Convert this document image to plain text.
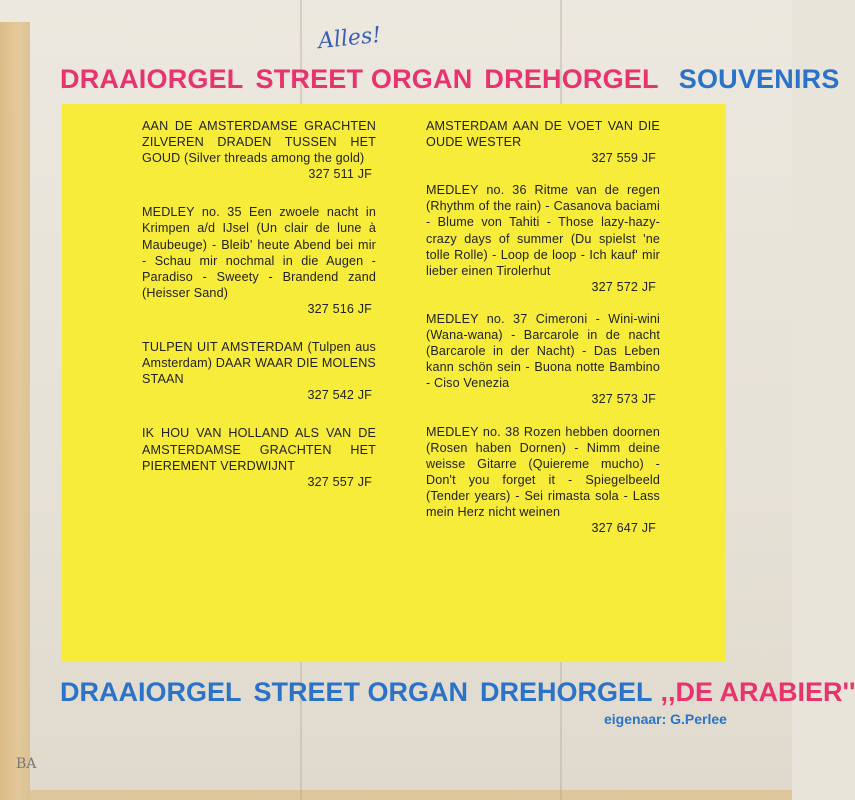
Alles!
BA
DRAAIORGEL STREET ORGAN DREHORGEL SOUVENIRS
AAN DE AMSTERDAMSE GRACHTEN ZILVEREN DRADEN TUSSEN HET GOUD (Silver threads among the gold)
327 511 JF
MEDLEY no. 35 Een zwoele nacht in Krimpen a/d IJsel (Un clair de lune à Maubeuge) - Bleib' heute Abend bei mir - Schau mir nochmal in die Augen - Paradiso - Sweety - Brandend zand (Heisser Sand)
327 516 JF
TULPEN UIT AMSTERDAM (Tulpen aus Amsterdam) DAAR WAAR DIE MOLENS STAAN
327 542 JF
IK HOU VAN HOLLAND ALS VAN DE AMSTERDAMSE GRACHTEN HET PIEREMENT VERDWIJNT
327 557 JF
AMSTERDAM AAN DE VOET VAN DIE OUDE WESTER
327 559 JF
MEDLEY no. 36 Ritme van de regen (Rhythm of the rain) - Casanova baciami - Blume von Tahiti - Those lazy-hazy-crazy days of summer (Du spielst 'ne tolle Rolle) - Loop de loop - Ich kauf' mir lieber einen Tirolerhut
327 572 JF
MEDLEY no. 37 Cimeroni - Wini-wini (Wana-wana) - Barcarole in de nacht (Barcarole in der Nacht) - Das Leben kann schön sein - Buona notte Bambino - Ciso Venezia
327 573 JF
MEDLEY no. 38 Rozen hebben doornen (Rosen haben Dornen) - Nimm deine weisse Gitarre (Quiereme mucho) - Don't you forget it - Spiegelbeeld (Tender years) - Sei rimasta sola - Lass mein Herz nicht weinen
327 647 JF
DRAAIORGEL STREET ORGAN DREHORGEL ,,DE ARABIER''
eigenaar: G.Perlee
